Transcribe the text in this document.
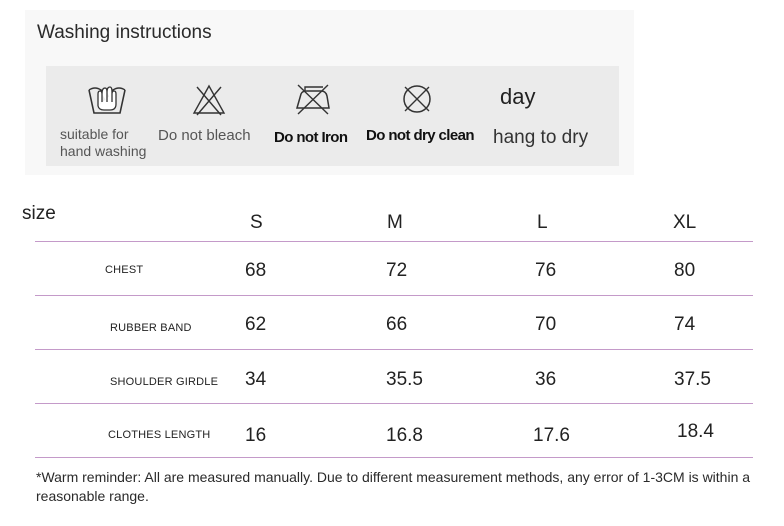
Washing instructions
suitable for
hand washing
Do not bleach Do not Iron Do not dry clean
day
hang to dry
size	S	M	L	XL
CHEST	68	72	76	80
RUBBER BAND	62	66	70	74
SHOULDER GIRDLE 34	35.5	36	37.5
CLOTHES LENGTH 16	16.8	17.6	18.4
*Warm reminder: All are measured manually. Due to different measurement methods, any error of 1-3CM is within a reasonable range.
